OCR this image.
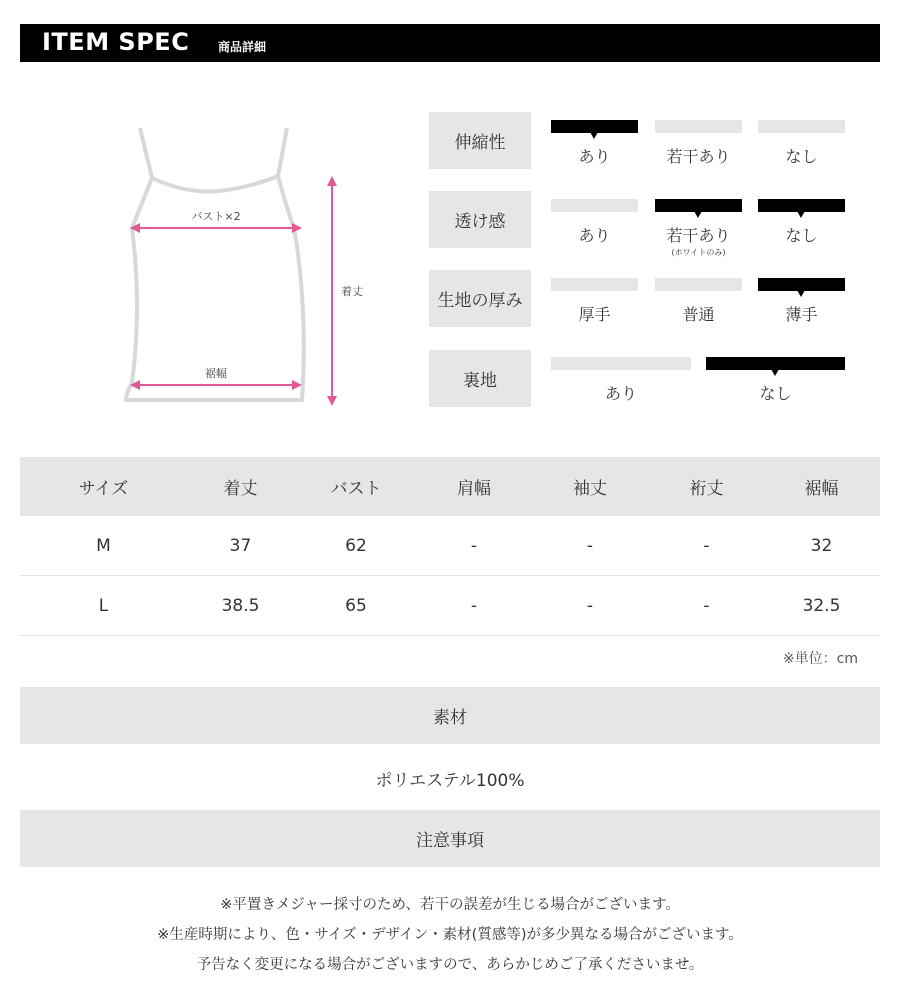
ITEM SPEC 商品詳細
バスト×2
裾幅
着丈
伸縮性
あり	若干あり	なし
透け感
あり	若干あり
(ホワイトのみ)
なし
生地の厚み
厚手	普通	薄手
裏地
あり	なし
サイズ	着丈	バスト	肩幅	袖丈	裄丈	裾幅
M	37	62	-	-	-	32
L	38.5	65	-	-	-	32.5
※単位：cm
素材
ポリエステル100%
注意事項
※平置きメジャー採寸のため、若干の誤差が生じる場合がございます。
※生産時期により、色・サイズ・デザイン・素材(質感等)が多少異なる場合がございます。
予告なく変更になる場合がございますので、あらかじめご了承くださいませ。
